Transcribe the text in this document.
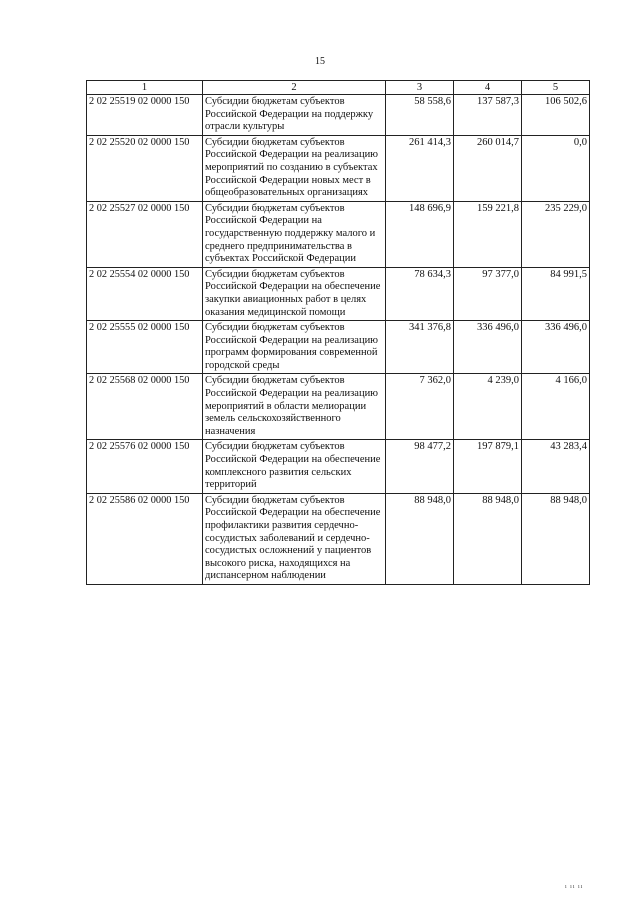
15
1	2	3	4	5
2 02 25519 02 0000 150	Субсидии бюджетам субъектов Российской Федерации на поддержку отрасли культуры	58 558,6	137 587,3	106 502,6
2 02 25520 02 0000 150	Субсидии бюджетам субъектов Российской Федерации на реализацию мероприятий по созданию в субъектах Российской Федерации новых мест в общеобразовательных организациях	261 414,3	260 014,7	0,0
2 02 25527 02 0000 150	Субсидии бюджетам субъектов Российской Федерации на государственную поддержку малого и среднего предпринимательства в субъектах Российской Федерации	148 696,9	159 221,8	235 229,0
2 02 25554 02 0000 150	Субсидии бюджетам субъектов Российской Федерации на обеспечение закупки авиационных работ в целях оказания медицинской помощи	78 634,3	97 377,0	84 991,5
2 02 25555 02 0000 150	Субсидии бюджетам субъектов Российской Федерации на реализацию программ формирования современной городской среды	341 376,8	336 496,0	336 496,0
2 02 25568 02 0000 150	Субсидии бюджетам субъектов Российской Федерации на реализацию мероприятий в области мелиорации земель сельскохозяйственного назначения	7 362,0	4 239,0	4 166,0
2 02 25576 02 0000 150	Субсидии бюджетам субъектов Российской Федерации на обеспечение комплексного развития сельских территорий	98 477,2	197 879,1	43 283,4
2 02 25586 02 0000 150	Субсидии бюджетам субъектов Российской Федерации на обеспечение профилактики развития сердечно-сосудистых заболеваний и сердечно-сосудистых осложнений у пациентов высокого риска, находящихся на диспансерном наблюдении	88 948,0	88 948,0	88 948,0
ı ıı ıı
